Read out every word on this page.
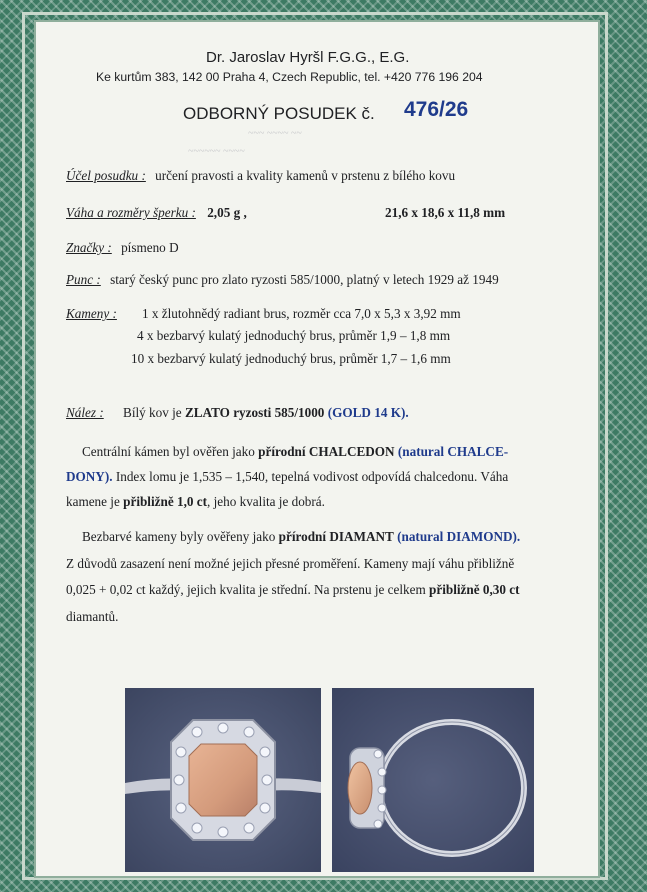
~~~ ~~~~ ~~
~~~~~~ ~~~~
Dr. Jaroslav Hyršl F.G.G., E.G.
Ke kurtům 383, 142 00 Praha 4, Czech Republic, tel. +420 776 196 204
ODBORNÝ POSUDEK č. 476/26
Účel posudku : určení pravosti a kvality kamenů v prstenu z bílého kovu
Váha a rozměry šperku : 2,05 g ,	21,6 x 18,6 x 11,8 mm
Značky : písmeno D
Punc : starý český punc pro zlato ryzosti 585/1000, platný v letech 1929 až 1949
Kameny : 1 x žlutohnědý radiant brus, rozměr cca 7,0 x 5,3 x 3,92 mm
4 x bezbarvý kulatý jednoduchý brus, průměr 1,9 – 1,8 mm
10 x bezbarvý kulatý jednoduchý brus, průměr 1,7 – 1,6 mm
Nález : Bílý kov je ZLATO ryzosti 585/1000 (GOLD 14 K).
Centrální kámen byl ověřen jako přírodní CHALCEDON (natural CHALCE-
DONY). Index lomu je 1,535 – 1,540, tepelná vodivost odpovídá chalcedonu. Váha
kamene je přibližně 1,0 ct, jeho kvalita je dobrá.
Bezbarvé kameny byly ověřeny jako přírodní DIAMANT (natural DIAMOND).
Z důvodů zasazení není možné jejich přesné proměření. Kameny mají váhu přibližně
0,025 + 0,02 ct každý, jejich kvalita je střední. Na prstenu je celkem přibližně 0,30 ct
diamantů.
